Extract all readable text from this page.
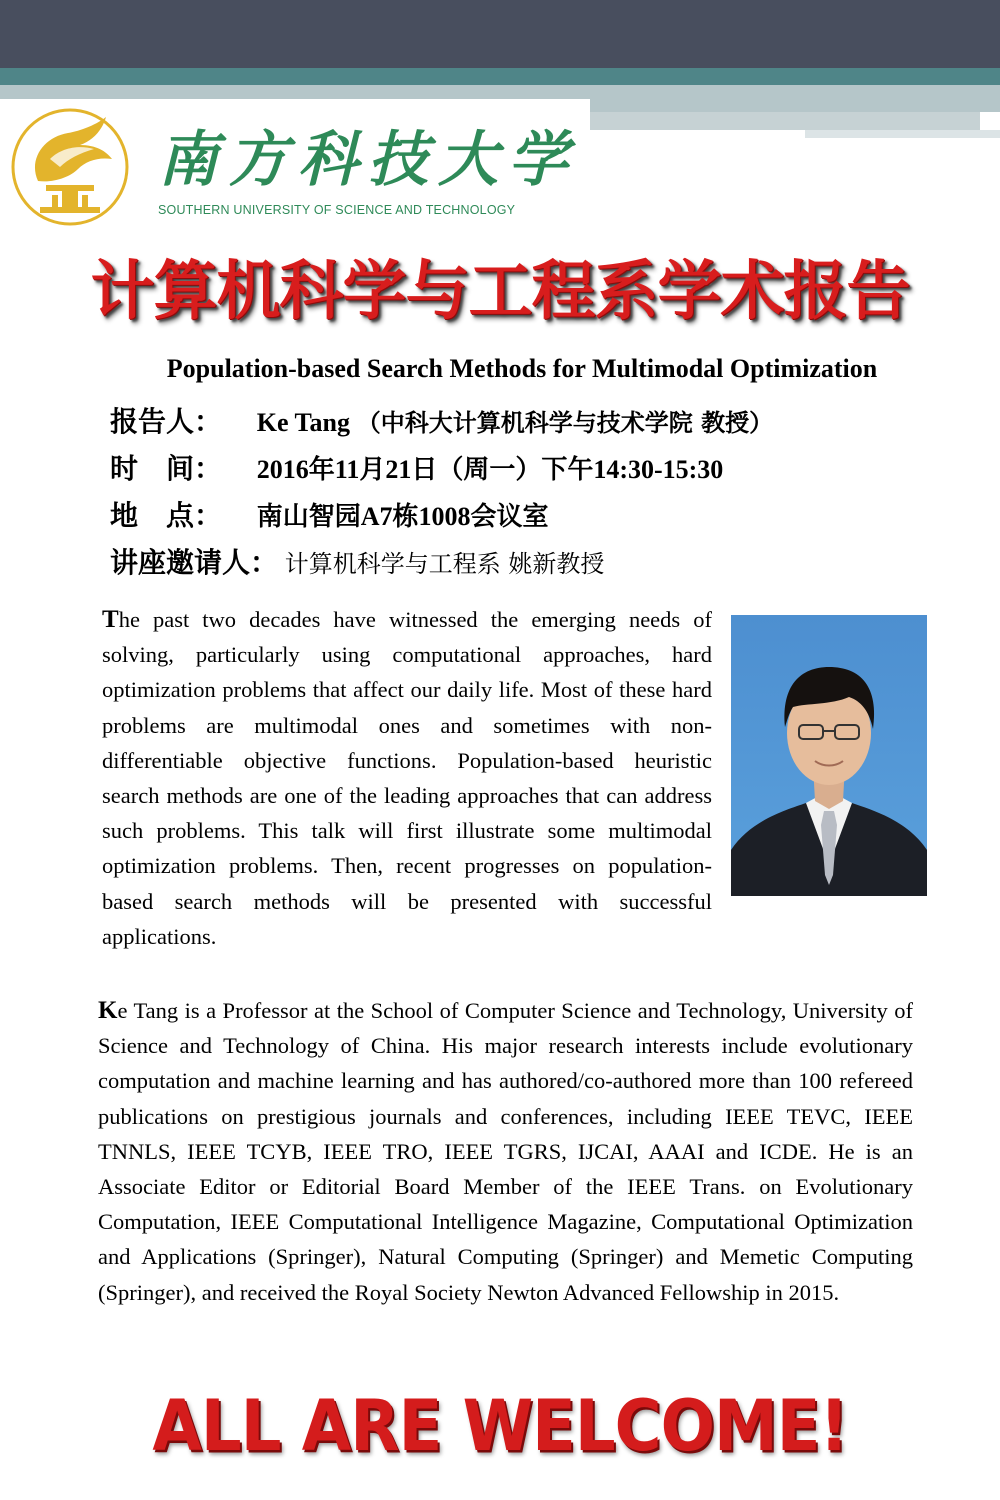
南方科技大学
SOUTHERN UNIVERSITY OF SCIENCE AND TECHNOLOGY
计算机科学与工程系学术报告
Population-based Search Methods for Multimodal Optimization
报告人： Ke Tang （中科大计算机科学与技术学院 教授）
时　间： 2016年11月21日（周一）下午14:30-15:30
地　点： 南山智园A7栋1008会议室
讲座邀请人： 计算机科学与工程系 姚新教授
The past two decades have witnessed the emerging needs of solving, particularly using computational approaches, hard optimization problems that affect our daily life. Most of these hard problems are multimodal ones and sometimes with non-differentiable objective functions. Population-based heuristic search methods are one of the leading approaches that can address such problems. This talk will first illustrate some multimodal optimization problems. Then, recent progresses on population-based search methods will be presented with successful applications.
Ke Tang is a Professor at the School of Computer Science and Technology, University of Science and Technology of China. His major research interests include evolutionary computation and machine learning and has authored/co-authored more than 100 refereed publications on prestigious journals and conferences, including IEEE TEVC, IEEE TNNLS, IEEE TCYB, IEEE TRO, IEEE TGRS, IJCAI, AAAI and ICDE. He is an Associate Editor or Editorial Board Member of the IEEE Trans. on Evolutionary Computation, IEEE Computational Intelligence Magazine, Computational Optimization and Applications (Springer), Natural Computing (Springer) and Memetic Computing (Springer), and received the Royal Society Newton Advanced Fellowship in 2015.
ALL ARE WELCOME!
